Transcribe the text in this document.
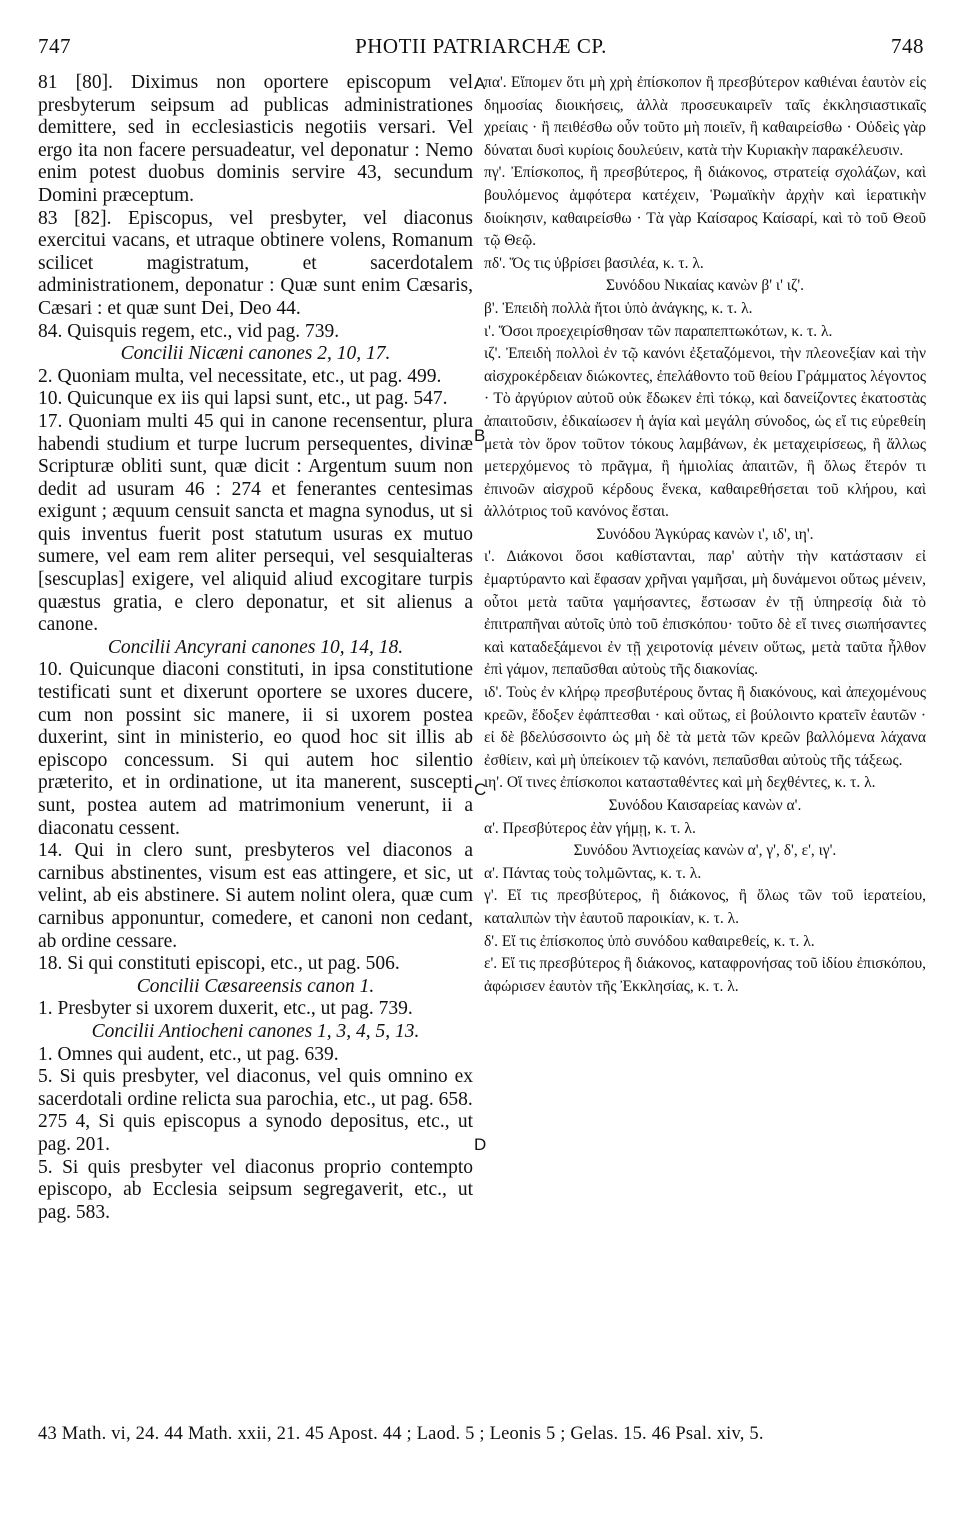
747	PHOTII PATRIARCHÆ CP.	748

81 [80]. Diximus non oportere episcopum vel presbyterum seipsum ad publicas administrationes demittere, sed in ecclesiasticis negotiis versari. Vel ergo ita non facere persuadeatur, vel deponatur : Nemo enim potest duobus dominis servire 43, secundum Domini præceptum.

83 [82]. Episcopus, vel presbyter, vel diaconus exercitui vacans, et utraque obtinere volens, Romanum scilicet magistratum, et sacerdotalem administrationem, deponatur : Quæ sunt enim Cæsaris, Cæsari : et quæ sunt Dei, Deo 44.

84. Quisquis regem, etc., vid pag. 739.

Concilii Nicæni canones 2, 10, 17.

2. Quoniam multa, vel necessitate, etc., ut pag. 499.

10. Quicunque ex iis qui lapsi sunt, etc., ut pag. 547.

17. Quoniam multi 45 qui in canone recensentur, plura habendi studium et turpe lucrum persequentes, divinæ Scripturæ obliti sunt, quæ dicit : Argentum suum non dedit ad usuram 46 : 274 et fenerantes centesimas exigunt ; æquum censuit sancta et magna synodus, ut si quis inventus fuerit post statutum usuras ex mutuo sumere, vel eam rem aliter persequi, vel sesquialteras [sescuplas] exigere, vel aliquid aliud excogitare turpis quæstus gratia, e clero deponatur, et sit alienus a canone.

Concilii Ancyrani canones 10, 14, 18.

10. Quicunque diaconi constituti, in ipsa constitutione testificati sunt et dixerunt oportere se uxores ducere, cum non possint sic manere, ii si uxorem postea duxerint, sint in ministerio, eo quod hoc sit illis ab episcopo concessum. Si qui autem hoc silentio præterito, et in ordinatione, ut ita manerent, suscepti sunt, postea autem ad matrimonium venerunt, ii a diaconatu cessent.

14. Qui in clero sunt, presbyteros vel diaconos a carnibus abstinentes, visum est eas attingere, et sic, ut velint, ab eis abstinere. Si autem nolint olera, quæ cum carnibus apponuntur, comedere, et canoni non cedant, ab ordine cessare.

18. Si qui constituti episcopi, etc., ut pag. 506.

Concilii Cæsareensis canon 1.

1. Presbyter si uxorem duxerit, etc., ut pag. 739.

Concilii Antiocheni canones 1, 3, 4, 5, 13.

1. Omnes qui audent, etc., ut pag. 639.

5. Si quis presbyter, vel diaconus, vel quis omnino ex sacerdotali ordine relicta sua parochia, etc., ut pag. 658.

275 4, Si quis episcopus a synodo depositus, etc., ut pag. 201.

5. Si quis presbyter vel diaconus proprio contempto episcopo, ab Ecclesia seipsum segregaverit, etc., ut pag. 583.

A
B
C
D

πα'. Εἴπομεν ὅτι μὴ χρὴ ἐπίσκοπον ἢ πρεσβύτερον καθιέναι ἑαυτὸν εἰς δημοσίας διοικήσεις, ἀλλὰ προσευκαιρεῖν ταῖς ἐκκλησιαστικαῖς χρείαις · ἢ πειθέσθω οὖν τοῦτο μὴ ποιεῖν, ἢ καθαιρείσθω · Οὐδεὶς γὰρ δύναται δυσὶ κυρίοις δουλεύειν, κατὰ τὴν Κυριακὴν παρακέλευσιν.

πγ'. Ἐπίσκοπος, ἢ πρεσβύτερος, ἢ διάκονος, στρατείᾳ σχολάζων, καὶ βουλόμενος ἀμφότερα κατέχειν, Ῥωμαϊκὴν ἀρχὴν καὶ ἱερατικὴν διοίκησιν, καθαιρείσθω · Τὰ γὰρ Καίσαρος Καίσαρί, καὶ τὸ τοῦ Θεοῦ τῷ Θεῷ.

πδ'. Ὅς τις ὑβρίσει βασιλέα, κ. τ. λ.

Συνόδου Νικαίας κανὼν β' ι' ιζ'.

β'. Ἐπειδὴ πολλὰ ἤτοι ὑπὸ ἀνάγκης, κ. τ. λ.

ι'. Ὅσοι προεχειρίσθησαν τῶν παραπεπτωκότων, κ. τ. λ.

ιζ'. Ἐπειδὴ πολλοὶ ἐν τῷ κανόνι ἐξεταζόμενοι, τὴν πλεονεξίαν καὶ τὴν αἰσχροκέρδειαν διώκοντες, ἐπελάθοντο τοῦ θείου Γράμματος λέγοντος · Τὸ ἀργύριον αὐτοῦ οὐκ ἔδωκεν ἐπὶ τόκῳ, καὶ δανείζοντες ἑκατοστὰς ἀπαιτοῦσιν, ἐδικαίωσεν ἡ ἁγία καὶ μεγάλη σύνοδος, ὡς εἴ τις εὑρεθείη μετὰ τὸν ὅρον τοῦτον τόκους λαμβάνων, ἐκ μεταχειρίσεως, ἢ ἄλλως μετερχόμενος τὸ πρᾶγμα, ἢ ἡμιολίας ἀπαιτῶν, ἢ ὅλως ἕτερόν τι ἐπινοῶν αἰσχροῦ κέρδους ἕνεκα, καθαιρεθήσεται τοῦ κλήρου, καὶ ἀλλότριος τοῦ κανόνος ἔσται.

Συνόδου Ἀγκύρας κανὼν ι', ιδ', ιη'.

ι'. Διάκονοι ὅσοι καθίστανται, παρ' αὐτὴν τὴν κατάστασιν εἰ ἐμαρτύραντο καὶ ἔφασαν χρῆναι γαμῆσαι, μὴ δυνάμενοι οὕτως μένειν, οὗτοι μετὰ ταῦτα γαμήσαντες, ἔστωσαν ἐν τῇ ὑπηρεσίᾳ διὰ τὸ ἐπιτραπῆναι αὐτοῖς ὑπὸ τοῦ ἐπισκόπου· τοῦτο δὲ εἴ τινες σιωπήσαντες καὶ καταδεξάμενοι ἐν τῇ χειροτονίᾳ μένειν οὕτως, μετὰ ταῦτα ἦλθον ἐπὶ γάμον, πεπαῦσθαι αὐτοὺς τῆς διακονίας.

ιδ'. Τοὺς ἐν κλήρῳ πρεσβυτέρους ὄντας ἢ διακόνους, καὶ ἀπεχομένους κρεῶν, ἔδοξεν ἐφάπτεσθαι · καὶ οὕτως, εἰ βούλοιντο κρατεῖν ἑαυτῶν · εἰ δὲ βδελύσσοιντο ὡς μὴ δὲ τὰ μετὰ τῶν κρεῶν βαλλόμενα λάχανα ἐσθίειν, καὶ μὴ ὑπείκοιεν τῷ κανόνι, πεπαῦσθαι αὐτοὺς τῆς τάξεως.

ιη'. Οἵ τινες ἐπίσκοποι κατασταθέντες καὶ μὴ δεχθέντες, κ. τ. λ.

Συνόδου Καισαρείας κανὼν α'.

α'. Πρεσβύτερος ἐὰν γήμῃ, κ. τ. λ.

Συνόδου Ἀντιοχείας κανὼν α', γ', δ', ε', ιγ'.

α'. Πάντας τοὺς τολμῶντας, κ. τ. λ.

γ'. Εἴ τις πρεσβύτερος, ἢ διάκονος, ἢ ὅλως τῶν τοῦ ἱερατείου, καταλιπὼν τὴν ἑαυτοῦ παροικίαν, κ. τ. λ.

δ'. Εἴ τις ἐπίσκοπος ὑπὸ συνόδου καθαιρεθείς, κ. τ. λ.

ε'. Εἴ τις πρεσβύτερος ἢ διάκονος, καταφρονήσας τοῦ ἰδίου ἐπισκόπου, ἀφώρισεν ἑαυτὸν τῆς Ἐκκλησίας, κ. τ. λ.

43 Math. vi, 24. 44 Math. xxii, 21. 45 Apost. 44 ; Laod. 5 ; Leonis 5 ; Gelas. 15. 46 Psal. xiv, 5.
